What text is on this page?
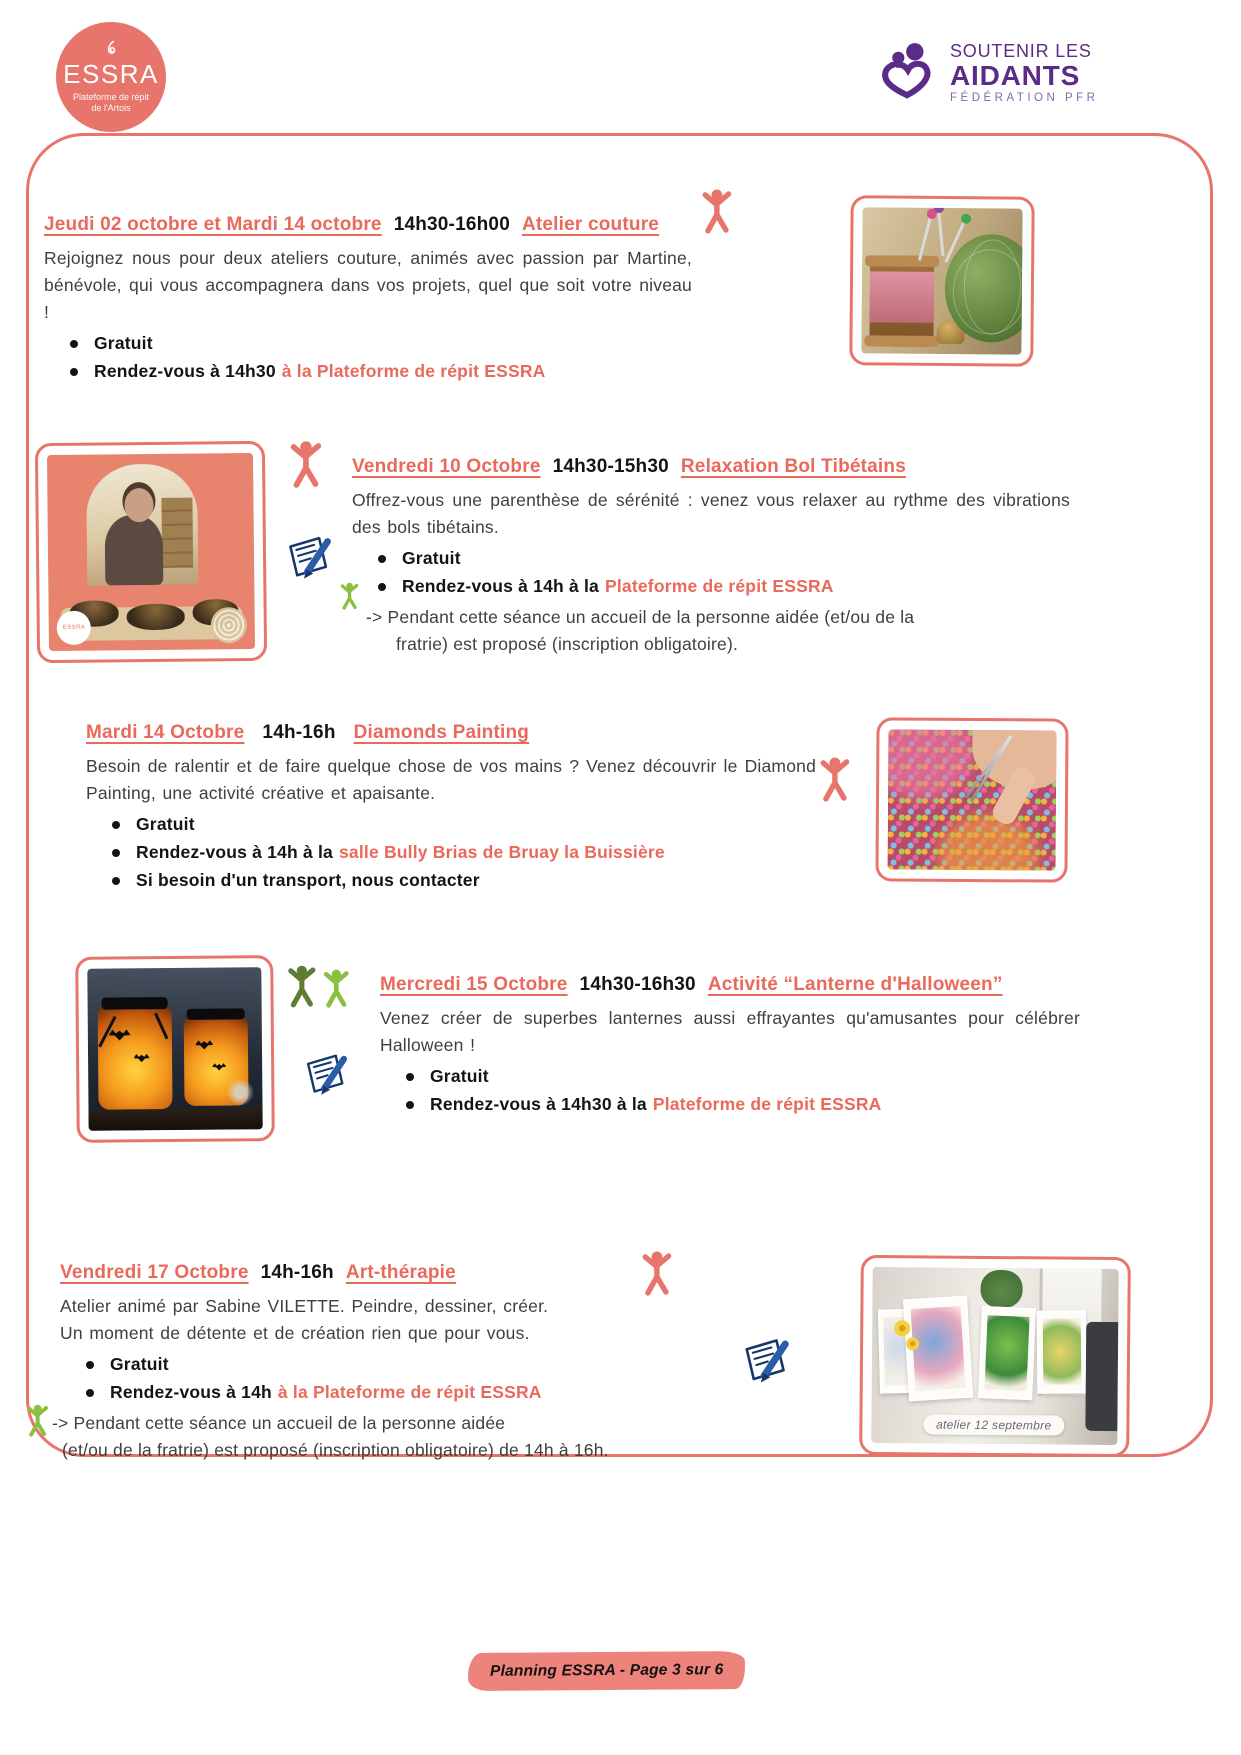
ESSRA
Plateforme de répit
de l'Artois
SOUTENIR LES
AIDANTS
FÉDÉRATION PFR
Jeudi 02 octobre et Mardi 14 octobre 14h30-16h00 Atelier couture
Rejoignez nous pour deux ateliers couture, animés avec passion par Martine, bénévole, qui vous accompagnera dans vos projets, quel que soit votre niveau !
Gratuit
Rendez-vous à 14h30 à la Plateforme de répit ESSRA
ESSRA
Vendredi 10 Octobre 14h30-15h30 Relaxation Bol Tibétains
Offrez-vous une parenthèse de sérénité : venez vous relaxer au rythme des vibrations des bols tibétains.
Gratuit
Rendez-vous à 14h à la Plateforme de répit ESSRA
-> Pendant cette séance un accueil de la personne aidée (et/ou de la
fratrie) est proposé (inscription obligatoire).
Mardi 14 Octobre 14h-16h Diamonds Painting
Besoin de ralentir et de faire quelque chose de vos mains ? Venez découvrir le Diamond Painting, une activité créative et apaisante.
Gratuit
Rendez-vous à 14h à la salle Bully Brias de Bruay la Buissière
Si besoin d'un transport, nous contacter
Mercredi 15 Octobre 14h30-16h30 Activité “Lanterne d'Halloween”
Venez créer de superbes lanternes aussi effrayantes qu'amusantes pour célébrer Halloween !
Gratuit
Rendez-vous à 14h30 à la Plateforme de répit ESSRA
Vendredi 17 Octobre 14h-16h Art-thérapie
Atelier animé par Sabine VILETTE. Peindre, dessiner, créer.
Un moment de détente et de création rien que pour vous.
Gratuit
Rendez-vous à 14h à la Plateforme de répit ESSRA
-> Pendant cette séance un accueil de la personne aidée
(et/ou de la fratrie) est proposé (inscription obligatoire) de 14h à 16h.
atelier 12 septembre
Planning ESSRA - Page 3 sur 6
